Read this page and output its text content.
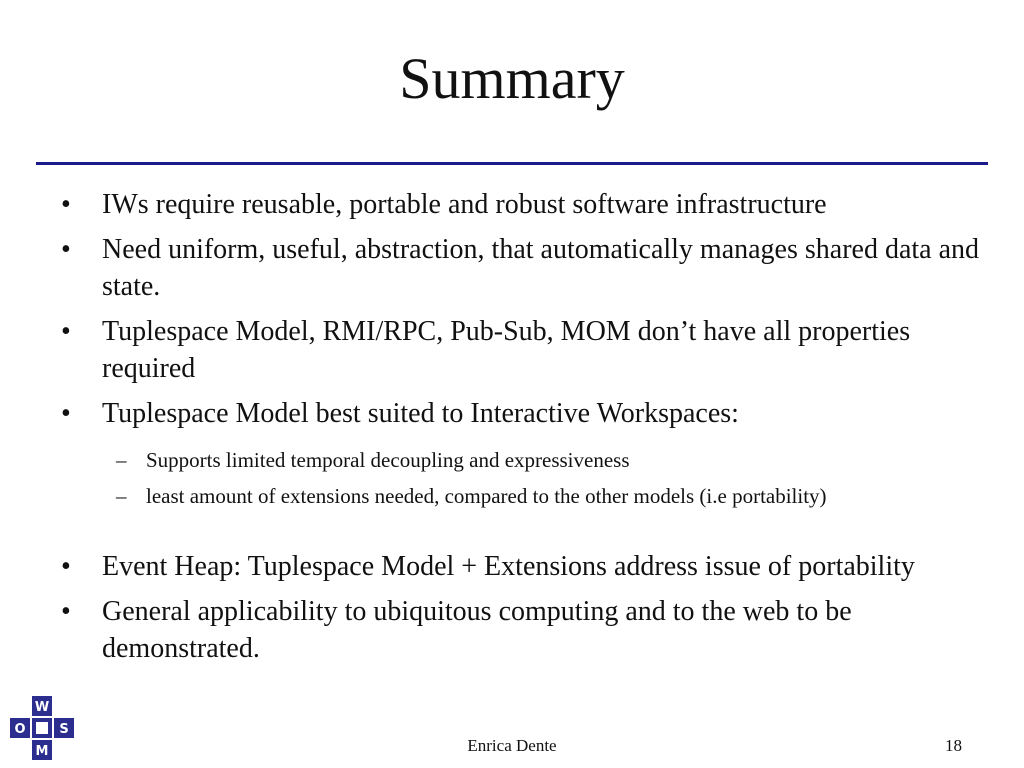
Summary
•	IWs require reusable, portable and robust software infrastructure
•	Need uniform, useful, abstraction, that automatically manages shared data and state.
•	Tuplespace Model, RMI/RPC, Pub-Sub, MOM don’t have all properties required
•	Tuplespace Model best suited to Interactive Workspaces:
– Supports limited temporal decoupling and expressiveness
– least amount of extensions needed, compared to the other models (i.e portability)
•	Event Heap: Tuplespace Model + Extensions address issue of portability
•	General applicability to ubiquitous computing and to the web to be demonstrated.
W
O	S
M	Enrica Dente	18
